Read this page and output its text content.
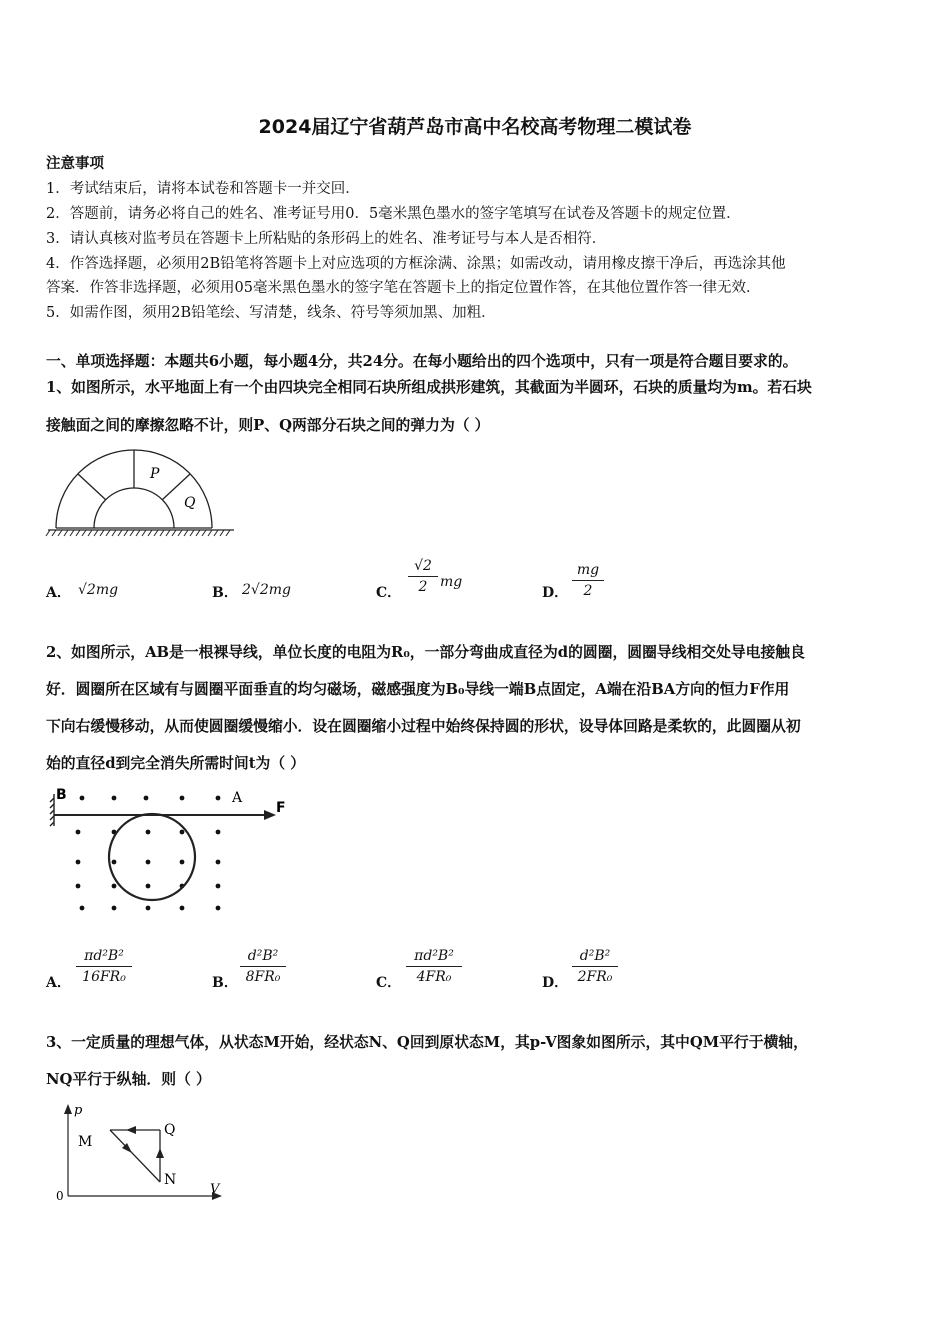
2024届辽宁省葫芦岛市高中名校高考物理二模试卷
注意事项
1．考试结束后，请将本试卷和答题卡一并交回．
2．答题前，请务必将自己的姓名、准考证号用0．5毫米黑色墨水的签字笔填写在试卷及答题卡的规定位置．
3．请认真核对监考员在答题卡上所粘贴的条形码上的姓名、准考证号与本人是否相符．
4．作答选择题，必须用2B铅笔将答题卡上对应选项的方框涂满、涂黑；如需改动，请用橡皮擦干净后，再选涂其他
答案．作答非选择题，必须用05毫米黑色墨水的签字笔在答题卡上的指定位置作答，在其他位置作答一律无效．
5．如需作图，须用2B铅笔绘、写清楚，线条、符号等须加黑、加粗．
一、单项选择题：本题共6小题，每小题4分，共24分。在每小题给出的四个选项中，只有一项是符合题目要求的。
1、如图所示，水平地面上有一个由四块完全相同石块所组成拱形建筑，其截面为半圆环，石块的质量均为m。若石块
接触面之间的摩擦忽略不计，则P、Q两部分石块之间的弹力为（ ）
P
Q
A． √2mg	B． 2√2mg	C． $\frac{√2}{2}$ mg
D． $\frac{mg}{2}$
2、如图所示，AB是一根裸导线，单位长度的电阻为R₀，一部分弯曲成直径为d的圆圈，圆圈导线相交处导电接触良
好．圆圈所在区域有与圆圈平面垂直的均匀磁场，磁感强度为B₀导线一端B点固定，A端在沿BA方向的恒力F作用
下向右缓慢移动，从而使圆圈缓慢缩小．设在圆圈缩小过程中始终保持圆的形状，设导体回路是柔软的，此圆圈从初
始的直径d到完全消失所需时间t为（ ）
B	A
F
A． $\frac{\text{πd²B²}}{\text{16FR₀}}$	B． $\frac{\text{d²B²}}{\text{8FR₀}}$	C． $\frac{\text{πd²B²}}{\text{4FR₀}}$	D． $\frac{\text{d²B²}}{\text{2FR₀}}$
3、一定质量的理想气体，从状态M开始，经状态N、Q回到原状态M，其p-V图象如图所示，其中QM平行于横轴，
NQ平行于纵轴．则（ ）
p
V
0
M
Q
N
